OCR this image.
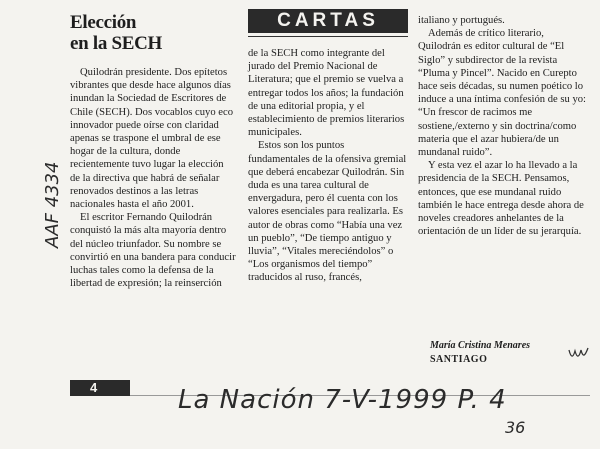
Elección
en la SECH
CARTAS

Quilodrán presidente. Dos epítetos vibrantes que desde hace algunos días inundan la Sociedad de Escritores de Chile (SECH). Dos vocablos cuyo eco innovador puede oírse con claridad apenas se traspone el umbral de ese hogar de la cultura, donde recientemente tuvo lugar la elección de la directiva que habrá de señalar renovados destinos a las letras nacionales hasta el año 2001.

El escritor Fernando Quilodrán conquistó la más alta mayoría dentro del núcleo triunfador. Su nombre se convirtió en una bandera para conducir luchas tales como la defensa de la libertad de expresión; la reinserción

de la SECH como integrante del jurado del Premio Nacional de Literatura; que el premio se vuelva a entregar todos los años; la fundación de una editorial propia, y el establecimiento de premios literarios municipales.

Estos son los puntos fundamentales de la ofensiva gremial que deberá encabezar Quilodrán. Sin duda es una tarea cultural de envergadura, pero él cuenta con los valores esenciales para realizarla. Es autor de obras como “Había una vez un pueblo”, “De tiempo antiguo y lluvia”, “Vitales mereciéndolos” o “Los organismos del tiempo” traducidos al ruso, francés,

italiano y portugués.

Además de crítico literario, Quilodrán es editor cultural de “El Siglo” y subdirector de la revista “Pluma y Pincel”. Nacido en Curepto hace seis décadas, su numen poético lo induce a una íntima confesión de su yo: “Un frescor de racimos me sostiene,/externo y sin doctrina/como materia que el azar hubiera/de un mundanal ruido”.

Y esta vez el azar lo ha llevado a la presidencia de la SECH. Pensamos, entonces, que ese mundanal ruido también le hace entrega desde ahora de noveles creadores anhelantes de la orientación de un líder de su jerarquía.

María Cristina Menares
SANTIAGO
4
AAF 4334
La Nación 7-V-1999 P. 4
36
